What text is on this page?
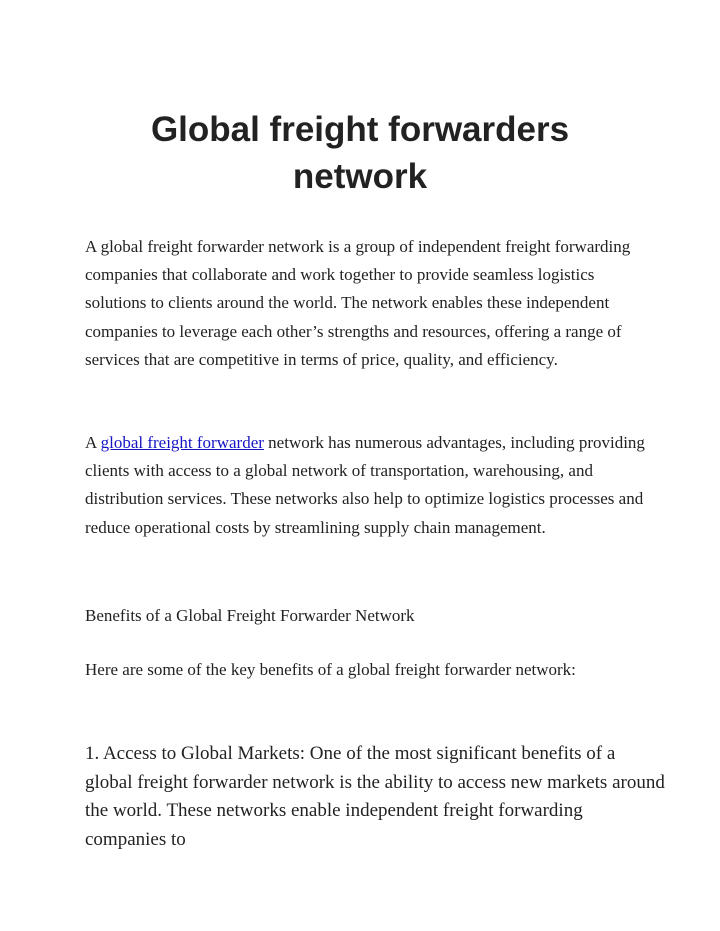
Global freight forwarders
network

A global freight forwarder network is a group of independent freight forwarding companies that collaborate and work together to provide seamless logistics solutions to clients around the world. The network enables these independent companies to leverage each other’s strengths and resources, offering a range of services that are competitive in terms of price, quality, and efficiency.

A global freight forwarder network has numerous advantages, including providing clients with access to a global network of transportation, warehousing, and distribution services. These networks also help to optimize logistics processes and reduce operational costs by streamlining supply chain management.

Benefits of a Global Freight Forwarder Network

Here are some of the key benefits of a global freight forwarder network:

1. Access to Global Markets: One of the most significant benefits of a global freight forwarder network is the ability to access new markets around the world. These networks enable independent freight forwarding companies to
